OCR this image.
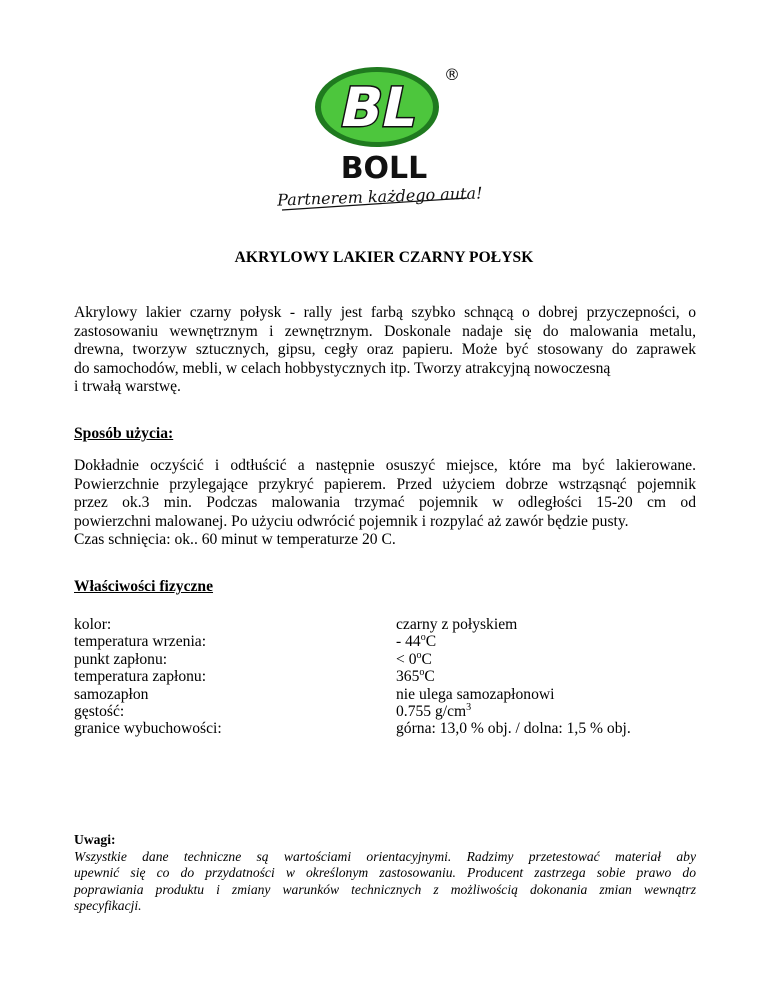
BL
®
BOLL
Partnerem każdego auta!
AKRYLOWY LAKIER CZARNY POŁYSK
Akrylowy lakier czarny połysk - rally jest farbą szybko schnącą o dobrej przyczepności, o
zastosowaniu wewnętrznym i zewnętrznym. Doskonale nadaje się do malowania metalu,
drewna, tworzyw sztucznych, gipsu, cegły oraz papieru. Może być stosowany do zaprawek
do samochodów, mebli, w celach hobbystycznych itp. Tworzy atrakcyjną nowoczesną
i trwałą warstwę.
Sposób użycia:
Dokładnie oczyścić i odtłuścić a następnie osuszyć miejsce, które ma być lakierowane.
Powierzchnie przylegające przykryć papierem. Przed użyciem dobrze wstrząsnąć pojemnik
przez ok.3 min. Podczas malowania trzymać pojemnik w odległości 15-20 cm od
powierzchni malowanej. Po użyciu odwrócić pojemnik i rozpylać aż zawór będzie pusty.
Czas schnięcia: ok.. 60 minut w temperaturze 20 C.
Właściwości fizyczne
kolor:	czarny z połyskiem
temperatura wrzenia:	- 44$^o$C
punkt zapłonu:	< $0^oC$
temperatura zapłonu:	365$^o$C
samozapłon	nie ulega samozapłonowi
gęstość:	0.755 $g/cm^3$
granice wybuchowości:	górna: 13,0 % obj. / dolna: 1,5 % obj.
Uwagi:
Wszystkie dane techniczne są wartościami orientacyjnymi. Radzimy przetestować materiał aby
upewnić się co do przydatności w określonym zastosowaniu. Producent zastrzega sobie prawo do
poprawiania produktu i zmiany warunków technicznych z możliwością dokonania zmian wewnątrz
specyfikacji.
